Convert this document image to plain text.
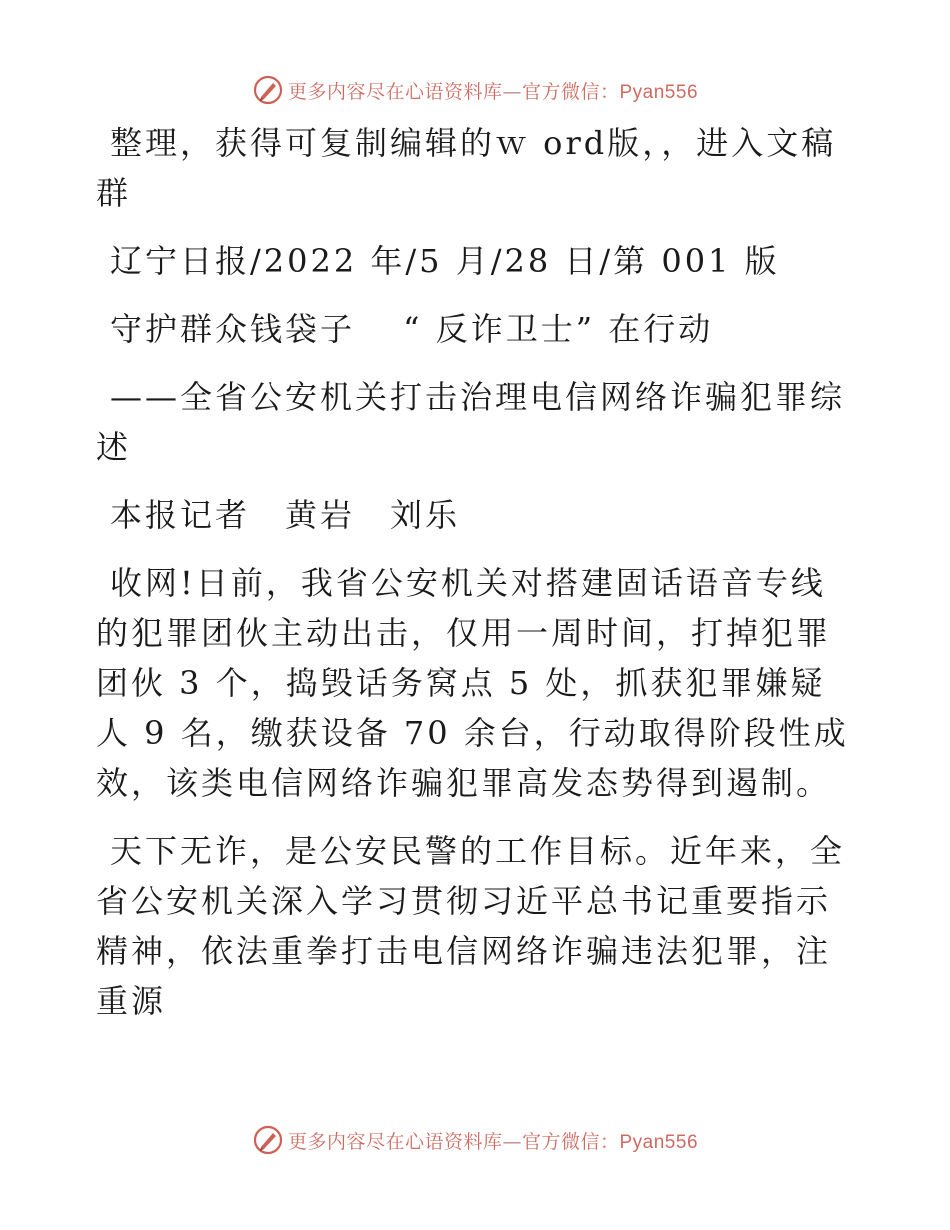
更多内容尽在心语资料库—官方微信：Pyan556

整理，获得可复制编辑的ｗ ord版，，进入文稿群

辽宁日报/2022 年/5 月/28 日/第 001 版

守护群众钱袋子　 “ 反诈卫士” 在行动

——全省公安机关打击治理电信网络诈骗犯罪综述

本报记者　黄岩　刘乐

收网!日前，我省公安机关对搭建固话语音专线的犯罪团伙主动出击，仅用一周时间，打掉犯罪团伙 3 个，捣毁话务窝点 5 处，抓获犯罪嫌疑人 9 名，缴获设备 70 余台，行动取得阶段性成效，该类电信网络诈骗犯罪高发态势得到遏制。

天下无诈，是公安民警的工作目标。近年来，全省公安机关深入学习贯彻习近平总书记重要指示精神，依法重拳打击电信网络诈骗违法犯罪，注重源

更多内容尽在心语资料库—官方微信：Pyan556
